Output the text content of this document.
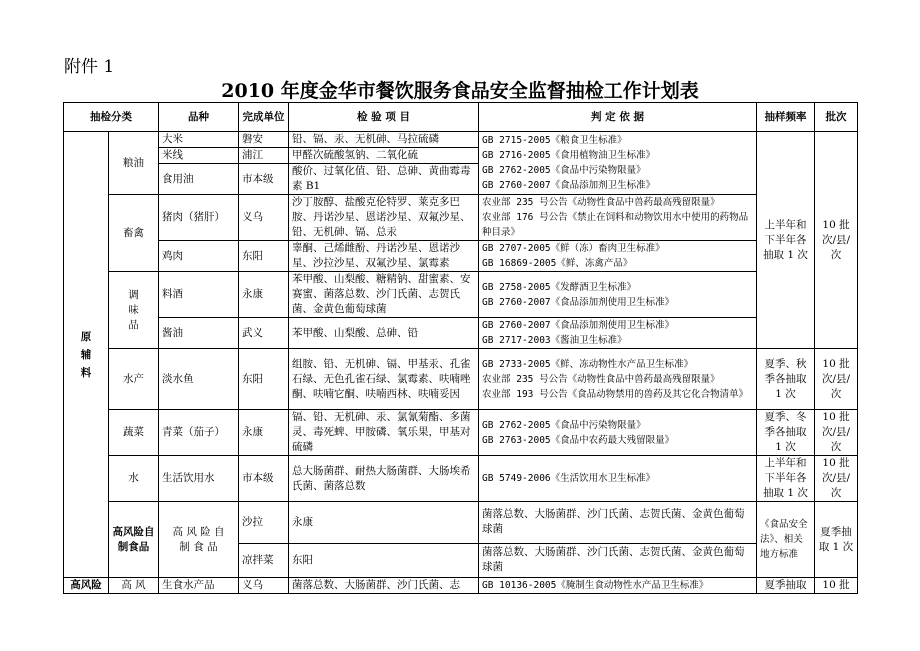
附件 1
2010 年度金华市餐饮服务食品安全监督抽检工作计划表
抽检分类		品种	完成单位	检 验 项 目	判 定 依 据	抽样频率	批次	
原辅料	粮油	大米	磐安	铅、镉、汞、无机砷、马拉硫磷	GB 2715-2005《粮食卫生标准》
GB 2716-2005《食用植物油卫生标准》
GB 2762-2005《食品中污染物限量》
GB 2760-2007《食品添加剂卫生标准》	上半年和下半年各抽取 1 次	10 批次/县/次	
		米线	浦江	甲醛次硫酸氢钠、二氧化硫				
		食用油	市本级	酸价、过氧化值、铅、总砷、黄曲霉毒素 B1				
	畜禽	猪肉（猪肝）	义乌	沙丁胺醇、盐酸克伦特罗、莱克多巴胺、丹诺沙星、恩诺沙星、双氟沙星、铅、无机砷、镉、总汞	农业部 235 号公告《动物性食品中兽药最高残留限量》
农业部 176 号公告《禁止在饲料和动物饮用水中使用的药物品种目录》			
		鸡肉	东阳	睾酮、己烯雌酚、丹诺沙星、恩诺沙星、沙拉沙星、双氟沙星、氯霉素	GB 2707-2005《鲜（冻）畜肉卫生标准》
GB 16869-2005《鲜、冻禽产品》			

	调味品	料酒	永康	苯甲酸、山梨酸、糖精钠、甜蜜素、安赛蜜、菌落总数、沙门氏菌、志贺氏菌、金黄色葡萄球菌	GB 2758-2005《发酵酒卫生标准》
GB 2760-2007《食品添加剂使用卫生标准》			

		酱油	武义	苯甲酸、山梨酸、总砷、铅	GB 2760-2007《食品添加剂使用卫生标准》
GB 2717-2003《酱油卫生标准》			

	水产	淡水鱼	东阳	组胺、铅、无机砷、镉、甲基汞、孔雀石绿、无色孔雀石绿、氯霉素、呋喃唑酮、呋喃它酮、呋喃西林、呋喃妥因	GB 2733-2005《鲜、冻动物性水产品卫生标准》
农业部 235 号公告《动物性食品中兽药最高残留限量》
农业部 193 号公告《食品动物禁用的兽药及其它化合物清单》	夏季、秋季各抽取 1 次	10 批次/县/次	
	蔬菜	青菜（茄子）	永康	镉、铅、无机砷、汞、氯氰菊酯、多菌灵、毒死蜱、甲胺磷、氧乐果，甲基对硫磷	GB 2762-2005《食品中污染物限量》
GB 2763-2005《食品中农药最大残留限量》	夏季、冬季各抽取 1 次	10 批次/县/次	
	水	生活饮用水	市本级	总大肠菌群、耐热大肠菌群、大肠埃希氏菌、菌落总数	GB 5749-2006《生活饮用水卫生标准》	上半年和下半年各抽取 1 次	10 批次/县/次	
	高风险自制食品	高 风 险 自 制 食 品	沙拉	永康	菌落总数、大肠菌群、沙门氏菌、志贺氏菌、金黄色葡萄球菌	《食品安全法》、相关地方标准	夏季抽取 1 次	
			凉拌菜	东阳	菌落总数、大肠菌群、沙门氏菌、志贺氏菌、金黄色葡萄球菌			
高风险	高 风	生食水产品	义乌	菌落总数、大肠菌群、沙门氏菌、志	GB 10136-2005《腌制生食动物性水产品卫生标准》	夏季抽取	10 批	
